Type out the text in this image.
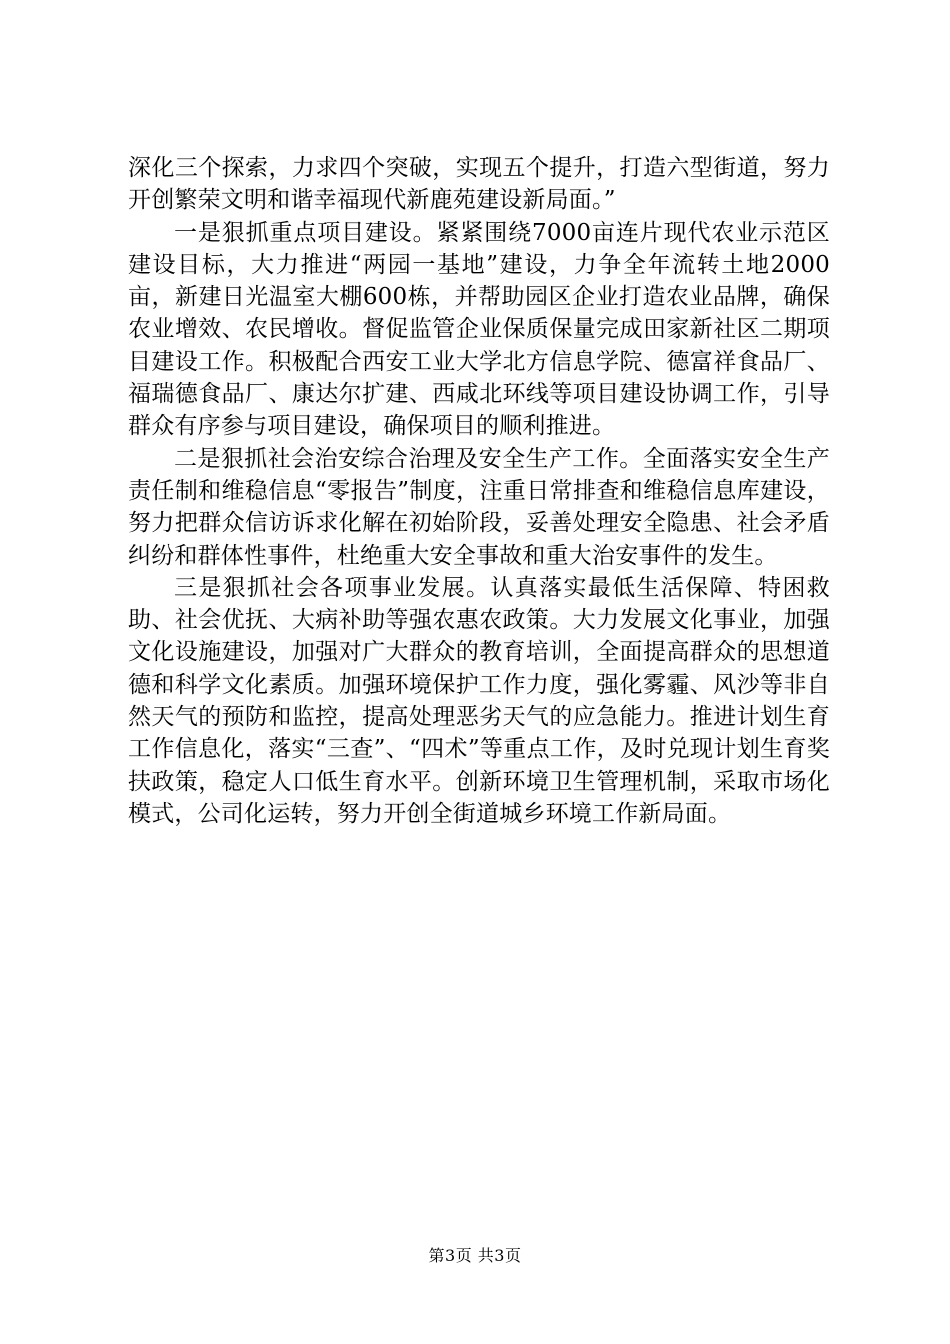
深化三个探索，力求四个突破，实现五个提升，打造六型街道，努力开创繁荣文明和谐幸福现代新鹿苑建设新局面。”

一是狠抓重点项目建设。紧紧围绕7000亩连片现代农业示范区建设目标，大力推进“两园一基地”建设，力争全年流转土地2000亩，新建日光温室大棚600栋，并帮助园区企业打造农业品牌，确保农业增效、农民增收。督促监管企业保质保量完成田家新社区二期项目建设工作。积极配合西安工业大学北方信息学院、德富祥食品厂、福瑞德食品厂、康达尔扩建、西咸北环线等项目建设协调工作，引导群众有序参与项目建设，确保项目的顺利推进。

二是狠抓社会治安综合治理及安全生产工作。全面落实安全生产责任制和维稳信息“零报告”制度，注重日常排查和维稳信息库建设，努力把群众信访诉求化解在初始阶段，妥善处理安全隐患、社会矛盾纠纷和群体性事件，杜绝重大安全事故和重大治安事件的发生。

三是狠抓社会各项事业发展。认真落实最低生活保障、特困救助、社会优抚、大病补助等强农惠农政策。大力发展文化事业，加强文化设施建设，加强对广大群众的教育培训，全面提高群众的思想道德和科学文化素质。加强环境保护工作力度，强化雾霾、风沙等非自然天气的预防和监控，提高处理恶劣天气的应急能力。推进计划生育工作信息化，落实“三查”、“四术”等重点工作，及时兑现计划生育奖扶政策，稳定人口低生育水平。创新环境卫生管理机制，采取市场化模式，公司化运转，努力开创全街道城乡环境工作新局面。

第3页 共3页
